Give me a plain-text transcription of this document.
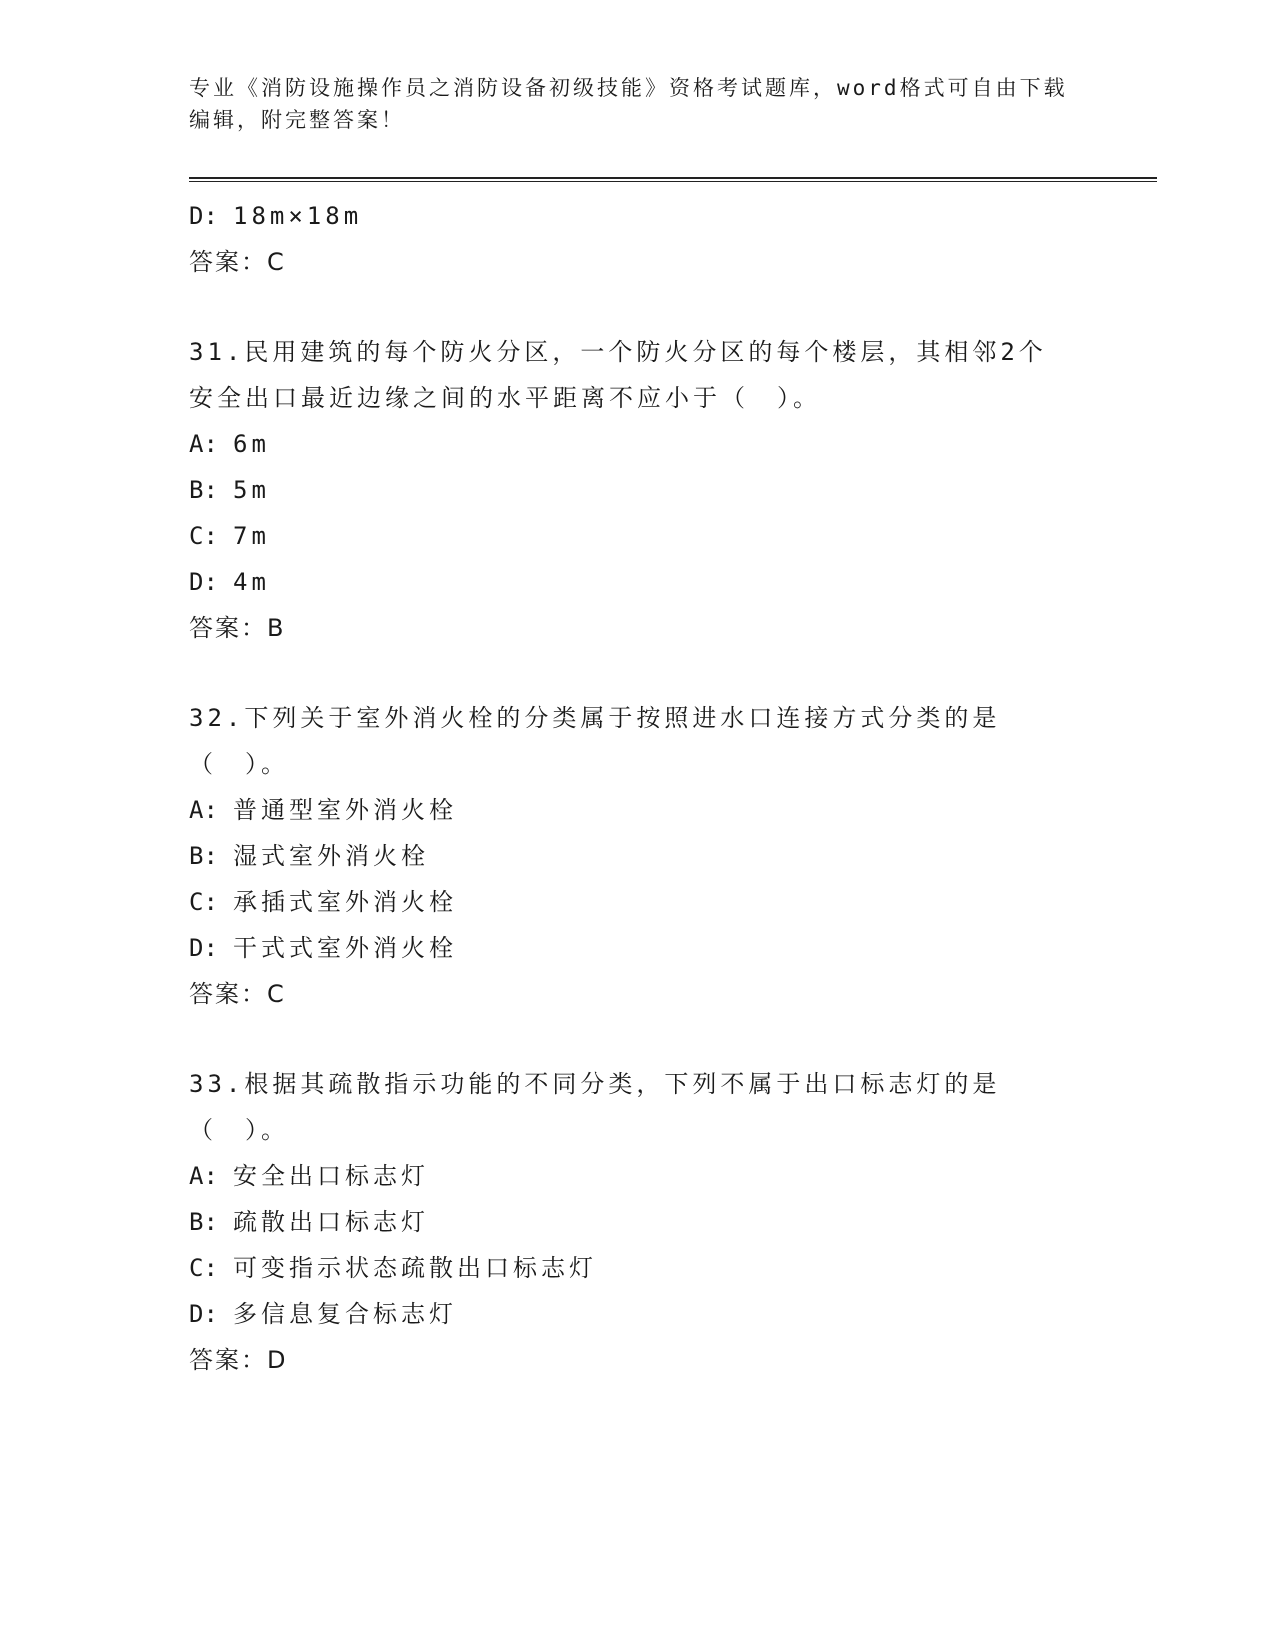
专业《消防设施操作员之消防设备初级技能》资格考试题库，word格式可自由下载编辑，附完整答案！
D: 18m×18m
答案：C
31.民用建筑的每个防火分区，一个防火分区的每个楼层，其相邻2个安全出口最近边缘之间的水平距离不应小于（　）。
A: 6m
B: 5m
C: 7m
D: 4m
答案：B
32.下列关于室外消火栓的分类属于按照进水口连接方式分类的是（　）。
A: 普通型室外消火栓
B: 湿式室外消火栓
C: 承插式室外消火栓
D: 干式式室外消火栓
答案：C
33.根据其疏散指示功能的不同分类，下列不属于出口标志灯的是（　）。
A: 安全出口标志灯
B: 疏散出口标志灯
C: 可变指示状态疏散出口标志灯
D: 多信息复合标志灯
答案：D
